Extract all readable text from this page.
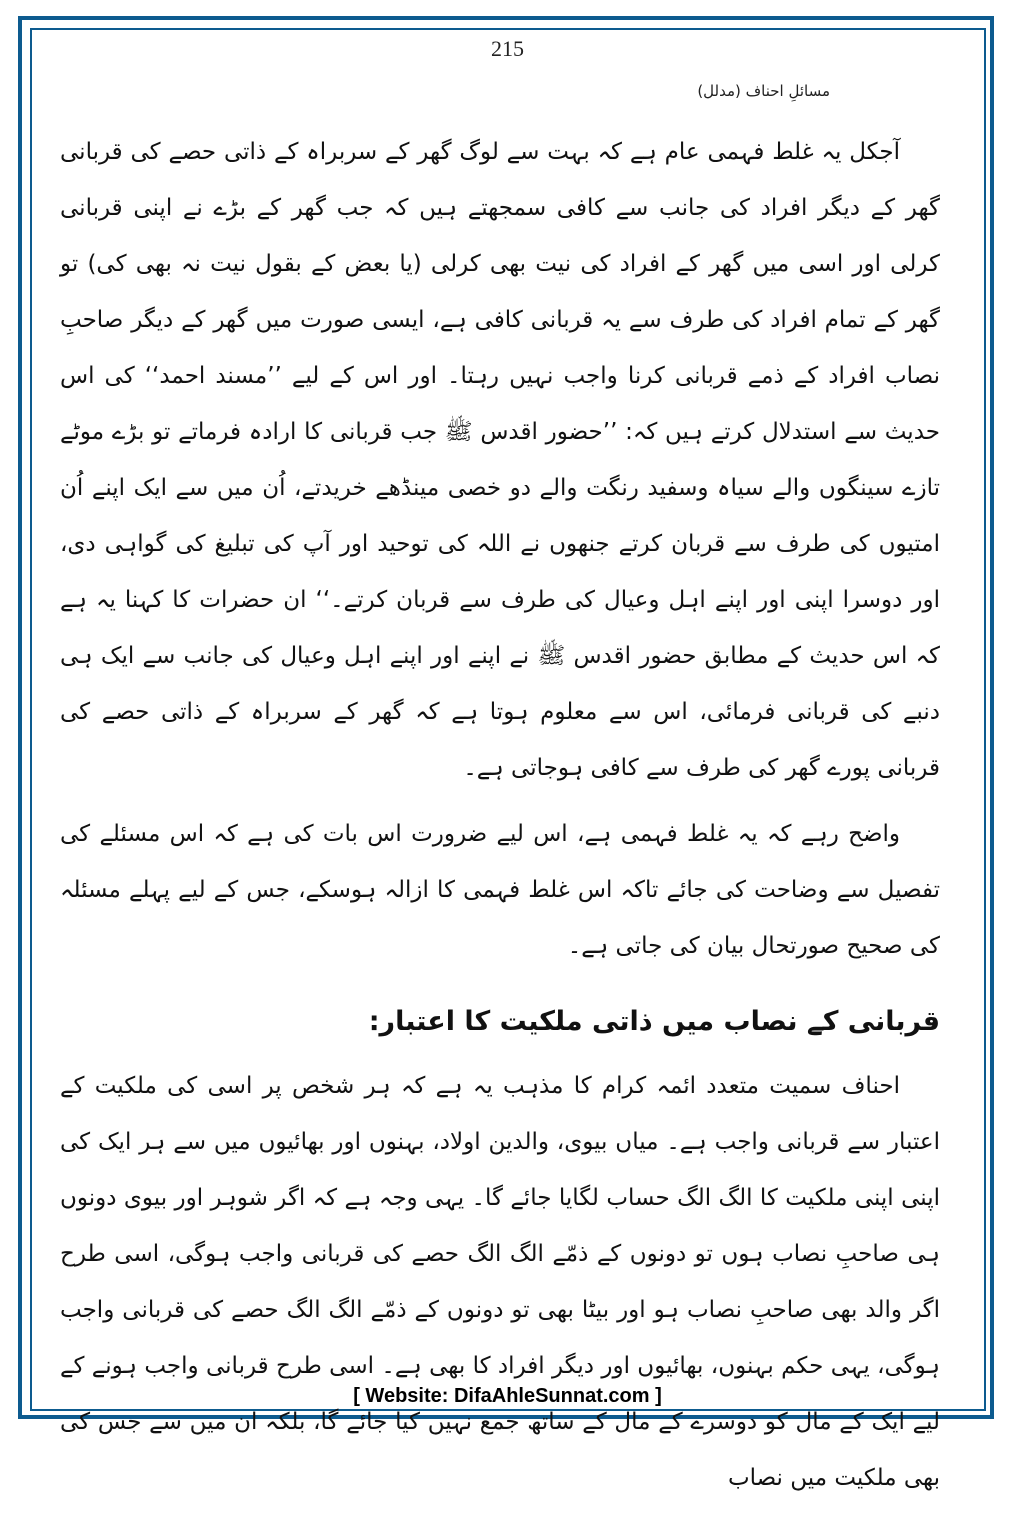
215
مسائلِ احناف (مدلل)

آجکل یہ غلط فہمی عام ہے کہ بہت سے لوگ گھر کے سربراہ کے ذاتی حصے کی قربانی گھر کے دیگر افراد کی جانب سے کافی سمجھتے ہیں کہ جب گھر کے بڑے نے اپنی قربانی کرلی اور اسی میں گھر کے افراد کی نیت بھی کرلی (یا بعض کے بقول نیت نہ بھی کی) تو گھر کے تمام افراد کی طرف سے یہ قربانی کافی ہے، ایسی صورت میں گھر کے دیگر صاحبِ نصاب افراد کے ذمے قربانی کرنا واجب نہیں رہتا۔ اور اس کے لیے ’’مسند احمد‘‘ کی اس حدیث سے استدلال کرتے ہیں کہ: ’’حضور اقدس ﷺ جب قربانی کا ارادہ فرماتے تو بڑے موٹے تازے سینگوں والے سیاہ وسفید رنگت والے دو خصی مینڈھے خریدتے، اُن میں سے ایک اپنے اُن امتیوں کی طرف سے قربان کرتے جنھوں نے اللہ کی توحید اور آپ کی تبلیغ کی گواہی دی، اور دوسرا اپنی اور اپنے اہل وعیال کی طرف سے قربان کرتے۔‘‘ ان حضرات کا کہنا یہ ہے کہ اس حدیث کے مطابق حضور اقدس ﷺ نے اپنے اور اپنے اہل وعیال کی جانب سے ایک ہی دنبے کی قربانی فرمائی، اس سے معلوم ہوتا ہے کہ گھر کے سربراہ کے ذاتی حصے کی قربانی پورے گھر کی طرف سے کافی ہوجاتی ہے۔

واضح رہے کہ یہ غلط فہمی ہے، اس لیے ضرورت اس بات کی ہے کہ اس مسئلے کی تفصیل سے وضاحت کی جائے تاکہ اس غلط فہمی کا ازالہ ہوسکے، جس کے لیے پہلے مسئلہ کی صحیح صورتحال بیان کی جاتی ہے۔

قربانی کے نصاب میں ذاتی ملکیت کا اعتبار:

احناف سمیت متعدد ائمہ کرام کا مذہب یہ ہے کہ ہر شخص پر اسی کی ملکیت کے اعتبار سے قربانی واجب ہے۔ میاں بیوی، والدین اولاد، بہنوں اور بھائیوں میں سے ہر ایک کی اپنی اپنی ملکیت کا الگ الگ حساب لگایا جائے گا۔ یہی وجہ ہے کہ اگر شوہر اور بیوی دونوں ہی صاحبِ نصاب ہوں تو دونوں کے ذمّے الگ الگ حصے کی قربانی واجب ہوگی، اسی طرح اگر والد بھی صاحبِ نصاب ہو اور بیٹا بھی تو دونوں کے ذمّے الگ الگ حصے کی قربانی واجب ہوگی، یہی حکم بہنوں، بھائیوں اور دیگر افراد کا بھی ہے۔ اسی طرح قربانی واجب ہونے کے لیے ایک کے مال کو دوسرے کے مال کے ساتھ جمع نہیں کیا جائے گا، بلکہ ان میں سے جس کی بھی ملکیت میں نصاب

[ Website: DifaAhleSunnat.com ]
